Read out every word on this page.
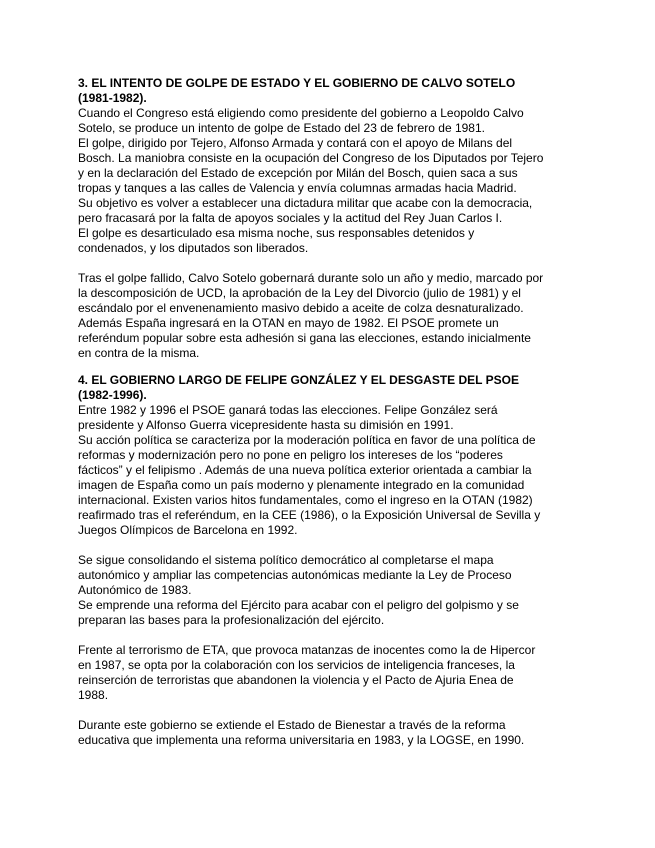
3. EL INTENTO DE GOLPE DE ESTADO Y EL GOBIERNO DE CALVO SOTELO
(1981-1982).
Cuando el Congreso está eligiendo como presidente del gobierno a Leopoldo Calvo
Sotelo, se produce un intento de golpe de Estado del 23 de febrero de 1981.
El golpe, dirigido por Tejero, Alfonso Armada y contará con el apoyo de Milans del
Bosch. La maniobra consiste en la ocupación del Congreso de los Diputados por Tejero
y en la declaración del Estado de excepción por Milán del Bosch, quien saca a sus
tropas y tanques a las calles de Valencia y envía columnas armadas hacia Madrid.
Su objetivo es volver a establecer una dictadura militar que acabe con la democracia,
pero fracasará por la falta de apoyos sociales y la actitud del Rey Juan Carlos I.
El golpe es desarticulado esa misma noche, sus responsables detenidos y
condenados, y los diputados son liberados.
Tras el golpe fallido, Calvo Sotelo gobernará durante solo un año y medio, marcado por
la descomposición de UCD, la aprobación de la Ley del Divorcio (julio de 1981) y el
escándalo por el envenenamiento masivo debido a aceite de colza desnaturalizado.
Además España ingresará en la OTAN en mayo de 1982. El PSOE promete un
referéndum popular sobre esta adhesión si gana las elecciones, estando inicialmente
en contra de la misma.
4. EL GOBIERNO LARGO DE FELIPE GONZÁLEZ Y EL DESGASTE DEL PSOE
(1982-1996).
Entre 1982 y 1996 el PSOE ganará todas las elecciones. Felipe González será
presidente y Alfonso Guerra vicepresidente hasta su dimisión en 1991.
Su acción política se caracteriza por la moderación política en favor de una política de
reformas y modernización pero no pone en peligro los intereses de los “poderes
fácticos” y el felipismo . Además de una nueva política exterior orientada a cambiar la
imagen de España como un país moderno y plenamente integrado en la comunidad
internacional. Existen varios hitos fundamentales, como el ingreso en la OTAN (1982)
reafirmado tras el referéndum, en la CEE (1986), o la Exposición Universal de Sevilla y
Juegos Olímpicos de Barcelona en 1992.
Se sigue consolidando el sistema político democrático al completarse el mapa
autonómico y ampliar las competencias autonómicas mediante la Ley de Proceso
Autonómico de 1983.
Se emprende una reforma del Ejército para acabar con el peligro del golpismo y se
preparan las bases para la profesionalización del ejército.
Frente al terrorismo de ETA, que provoca matanzas de inocentes como la de Hipercor
en 1987, se opta por la colaboración con los servicios de inteligencia franceses, la
reinserción de terroristas que abandonen la violencia y el Pacto de Ajuria Enea de
1988.
Durante este gobierno se extiende el Estado de Bienestar a través de la reforma
educativa que implementa una reforma universitaria en 1983, y la LOGSE, en 1990.
